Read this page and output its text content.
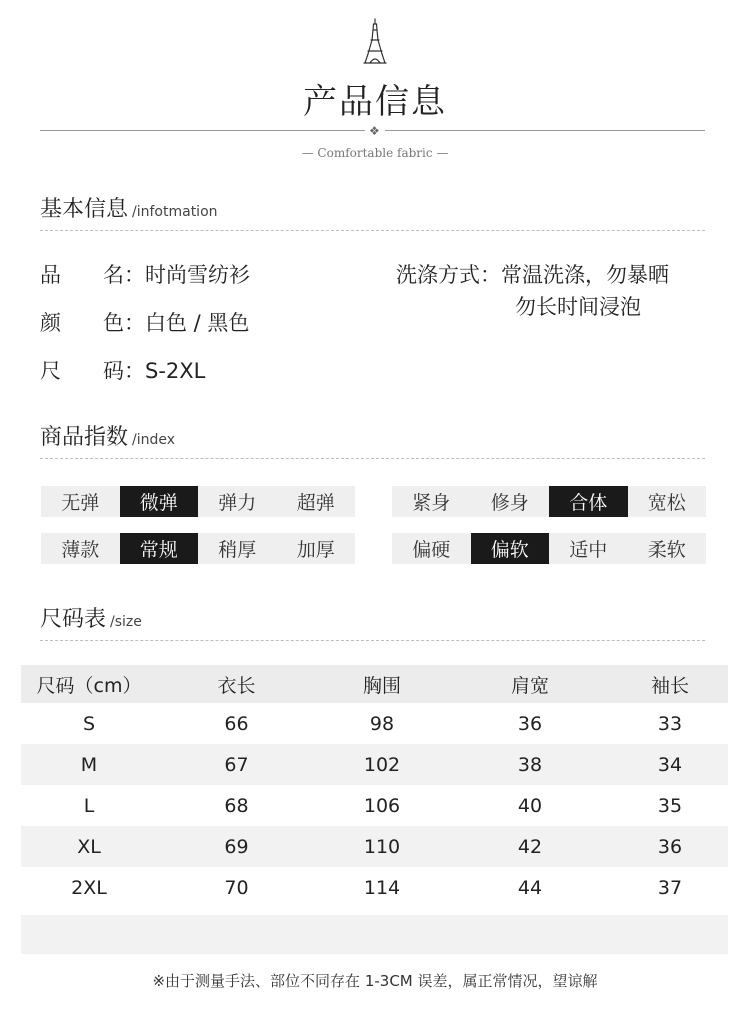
产品信息
❖
— Comfortable fabric —
基本信息 /infotmation
品　　名：时尚雪纺衫
颜　　色：白色 / 黑色
尺　　码：S-2XL
洗涤方式：常温洗涤，勿暴晒
勿长时间浸泡
商品指数 /index
无弹	微弹	弹力	超弹	紧身	修身	合体	宽松
薄款	常规	稍厚	加厚	偏硬	偏软	适中	柔软
尺码表 /size
尺码（cm）	衣长	胸围	肩宽	袖长
S	66	98	36	33
M	67	102	38	34
L	68	106	40	35
XL	69	110	42	36
2XL	70	114	44	37
※由于测量手法、部位不同存在 1-3CM 误差，属正常情况，望谅解
